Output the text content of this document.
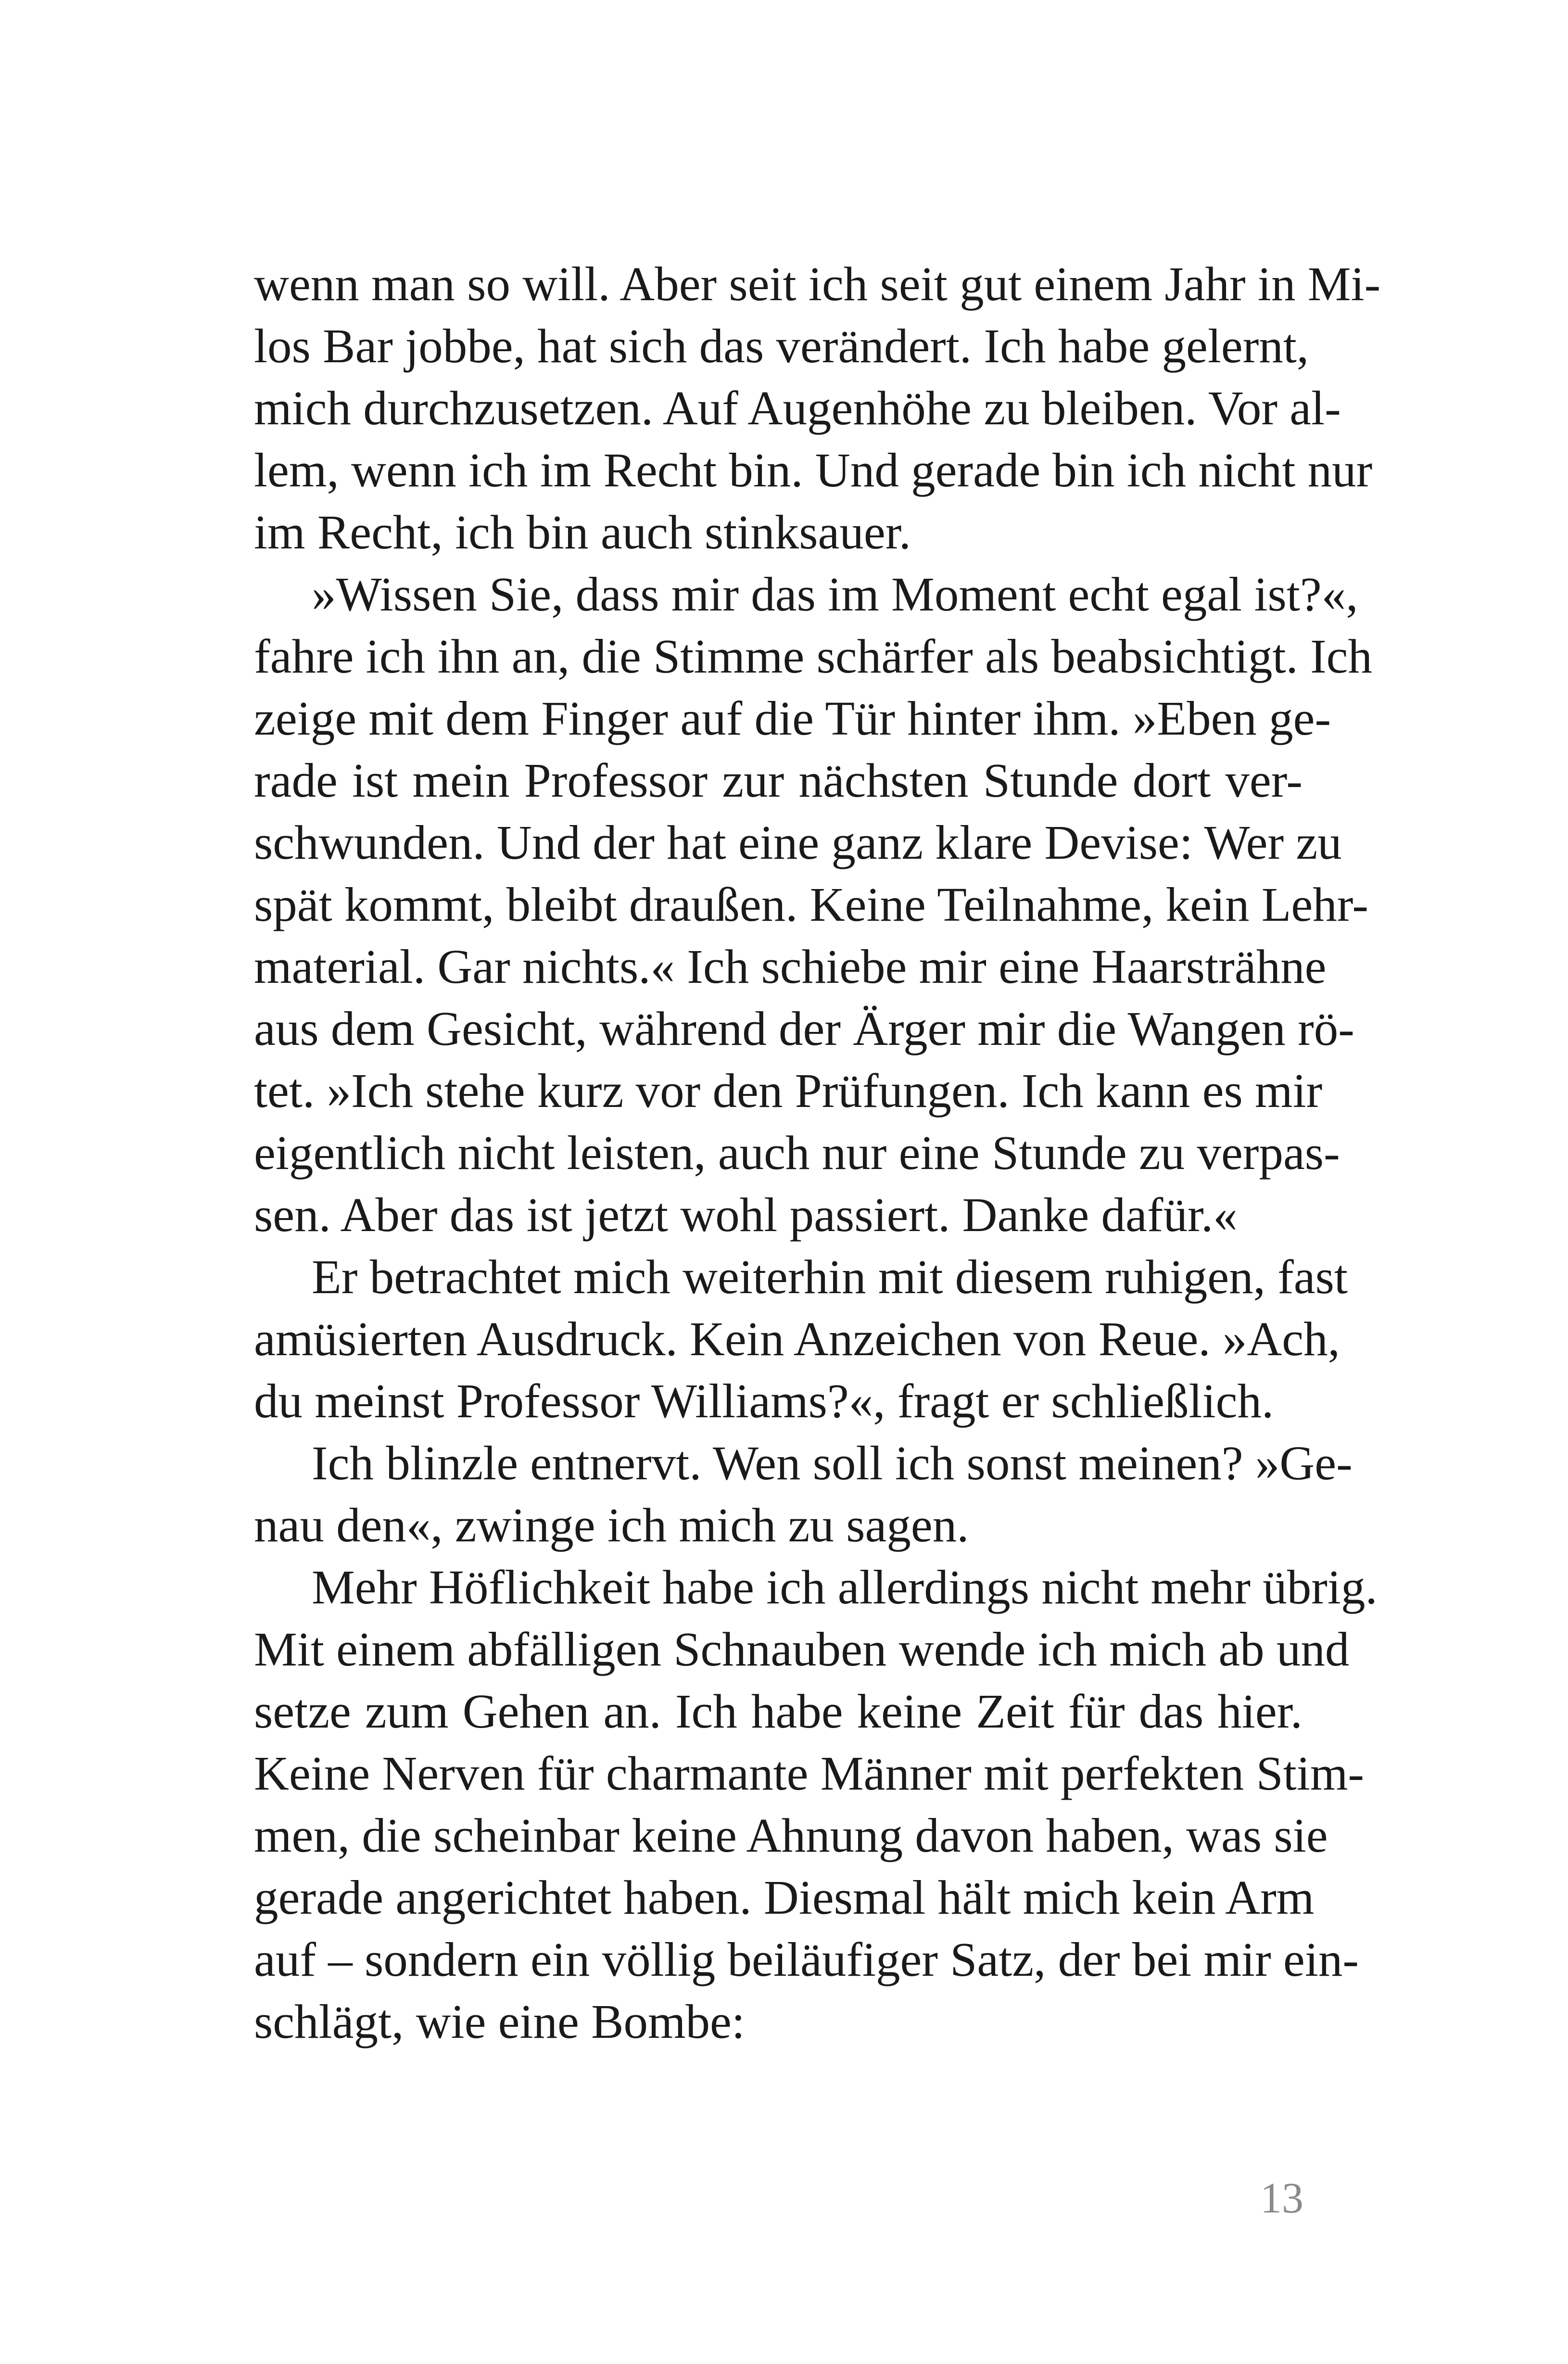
wenn man so will. Aber seit ich seit gut einem Jahr in Mi-
los Bar jobbe, hat sich das verändert. Ich habe gelernt,
mich durchzusetzen. Auf Augenhöhe zu bleiben. Vor al-
lem, wenn ich im Recht bin. Und gerade bin ich nicht nur
im Recht, ich bin auch stinksauer.

»Wissen Sie, dass mir das im Moment echt egal ist?«,
fahre ich ihn an, die Stimme schärfer als beabsichtigt. Ich
zeige mit dem Finger auf die Tür hinter ihm. »Eben ge-
rade ist mein Professor zur nächsten Stunde dort ver-
schwunden. Und der hat eine ganz klare Devise: Wer zu
spät kommt, bleibt draußen. Keine Teilnahme, kein Lehr-
material. Gar nichts.« Ich schiebe mir eine Haarsträhne
aus dem Gesicht, während der Ärger mir die Wangen rö-
tet. »Ich stehe kurz vor den Prüfungen. Ich kann es mir
eigentlich nicht leisten, auch nur eine Stunde zu verpas-
sen. Aber das ist jetzt wohl passiert. Danke dafür.«

Er betrachtet mich weiterhin mit diesem ruhigen, fast
amüsierten Ausdruck. Kein Anzeichen von Reue. »Ach,
du meinst Professor Williams?«, fragt er schließlich.

Ich blinzle entnervt. Wen soll ich sonst meinen? »Ge-
nau den«, zwinge ich mich zu sagen.

Mehr Höflichkeit habe ich allerdings nicht mehr übrig.
Mit einem abfälligen Schnauben wende ich mich ab und
setze zum Gehen an. Ich habe keine Zeit für das hier.
Keine Nerven für charmante Männer mit perfekten Stim-
men, die scheinbar keine Ahnung davon haben, was sie
gerade angerichtet haben. Diesmal hält mich kein Arm
auf – sondern ein völlig beiläufiger Satz, der bei mir ein-
schlägt, wie eine Bombe:

13
